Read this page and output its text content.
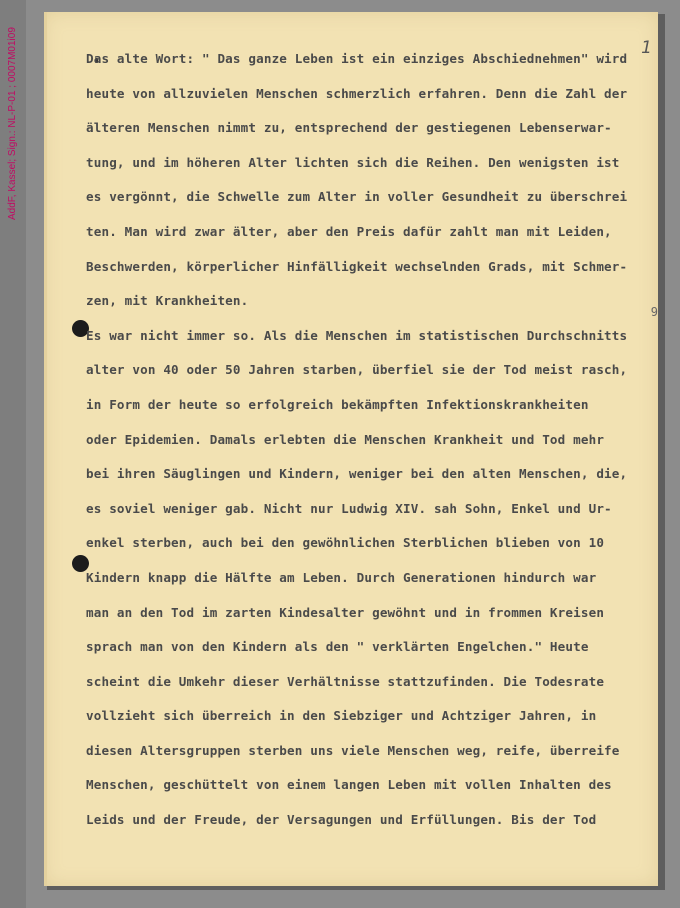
AddF, Kassel; Sign.: NL-P-01 ; 0007M01i09	1
9
Das alte Wort: " Das ganze Leben ist ein einziges Abschiednehmen" wird
heute von allzuvielen Menschen schmerzlich erfahren. Denn die Zahl der
älteren Menschen nimmt zu, entsprechend der gestiegenen Lebenserwar-
tung, und im höheren Alter lichten sich die Reihen. Den wenigsten ist
es vergönnt, die Schwelle zum Alter in voller Gesundheit zu überschrei
ten. Man wird zwar älter, aber den Preis dafür zahlt man mit Leiden,
Beschwerden, körperlicher Hinfälligkeit wechselnden Grads, mit Schmer-
zen, mit Krankheiten.
Es war nicht immer so. Als die Menschen im statistischen Durchschnitts
alter von 40 oder 50 Jahren starben, überfiel sie der Tod meist rasch,
in Form der heute so erfolgreich bekämpften Infektionskrankheiten
oder Epidemien. Damals erlebten die Menschen Krankheit und Tod mehr
bei ihren Säuglingen und Kindern, weniger bei den alten Menschen, die,
es soviel weniger gab. Nicht nur Ludwig XIV. sah Sohn, Enkel und Ur-
enkel sterben, auch bei den gewöhnlichen Sterblichen blieben von 10
Kindern knapp die Hälfte am Leben. Durch Generationen hindurch war
man an den Tod im zarten Kindesalter gewöhnt und in frommen Kreisen
sprach man von den Kindern als den " verklärten Engelchen." Heute
scheint die Umkehr dieser Verhältnisse stattzufinden. Die Todesrate
vollzieht sich überreich in den Siebziger und Achtziger Jahren, in
diesen Altersgruppen sterben uns viele Menschen weg, reife, überreife
Menschen, geschüttelt von einem langen Leben mit vollen Inhalten des
Leids und der Freude, der Versagungen und Erfüllungen. Bis der Tod
